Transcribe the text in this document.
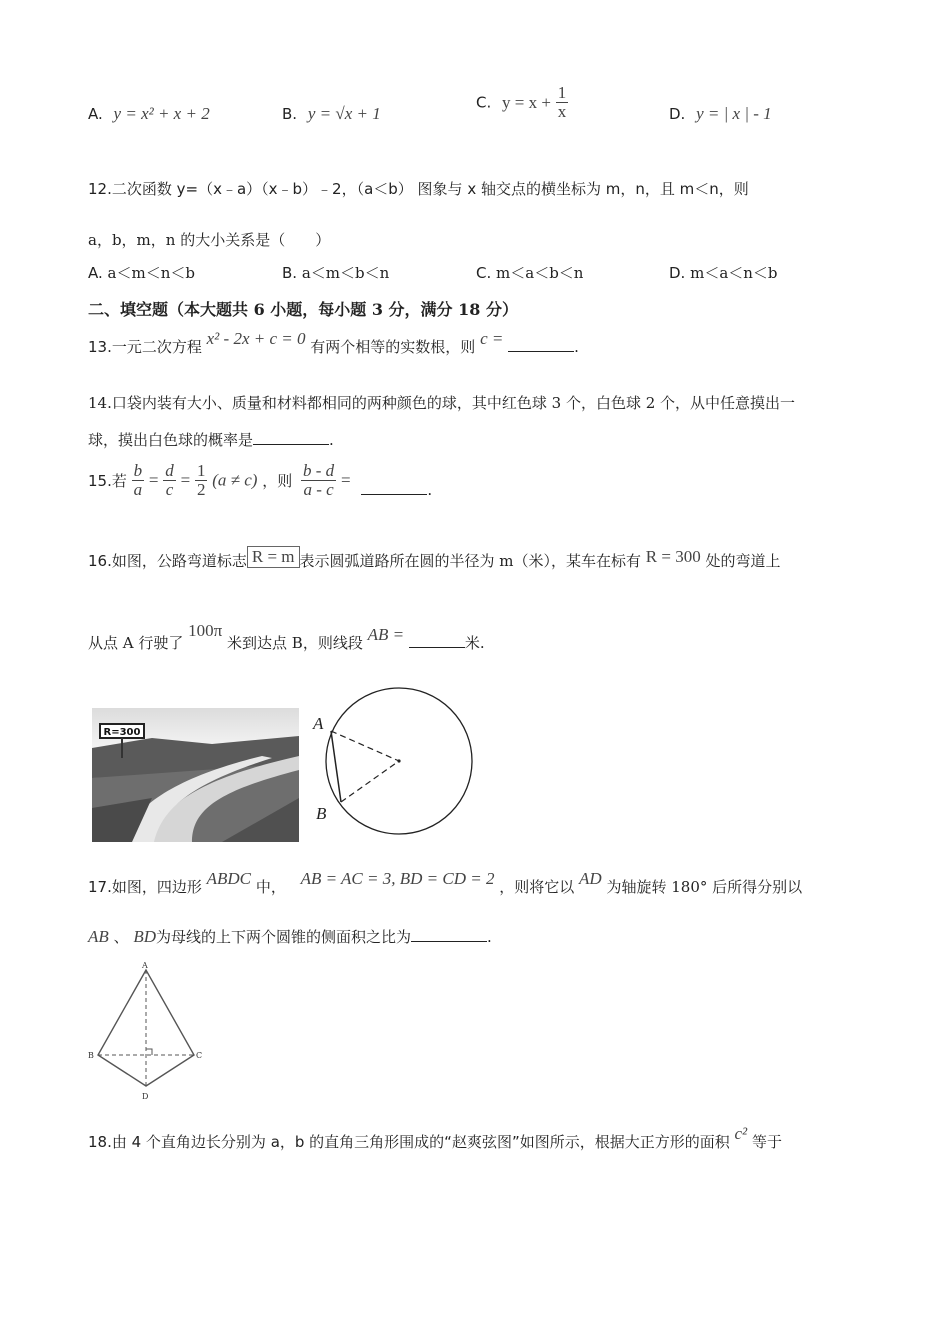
A. y = x² + x + 2	B. y = √x + 1
C. $y = x + \frac{1}{x}$	D. y = | x | - 1
12.二次函数 y=（x﹣a）（x﹣b）﹣2，（a＜b） 图象与 x 轴交点的横坐标为 m，n，且 m＜n，则
a，b，m，n 的大小关系是（　　）
A. a＜m＜n＜b	B. a＜m＜b＜n	C. m＜a＜b＜n	D. m＜a＜n＜b
二、填空题（本大题共 6 小题，每小题 3 分，满分 18 分）
13.一元二次方程 x² - 2x + c = 0 有两个相等的实数根，则 c =	.
14.口袋内装有大小、质量和材料都相同的两种颜色的球，其中红色球 3 个，白色球 2 个，从中任意摸出一
球，摸出白色球的概率是	.
15.若 $\frac{b}{a} = \frac{d}{c} = \frac{1}{2} (a \ne c)$ ，则 $\frac{b - d}{a - c}$ =	.
16.如图，公路弯道标志 R = m 表示圆弧道路所在圆的半径为 m（米），某车在标有 R = 300 处的弯道上
从点 A 行驶了 100π 米到达点 B，则线段 AB =	米.
R=300	A
B
17.如图，四边形 ABDC 中， AB = AC = 3, BD = CD = 2 ，则将它以 AD 为轴旋转 180° 后所得分别以
AB 、 BD为母线的上下两个圆锥的侧面积之比为	.
A
B	C
D
18.由 4 个直角边长分别为 a，b 的直角三角形围成的“赵爽弦图”如图所示，根据大正方形的面积 c² 等于
